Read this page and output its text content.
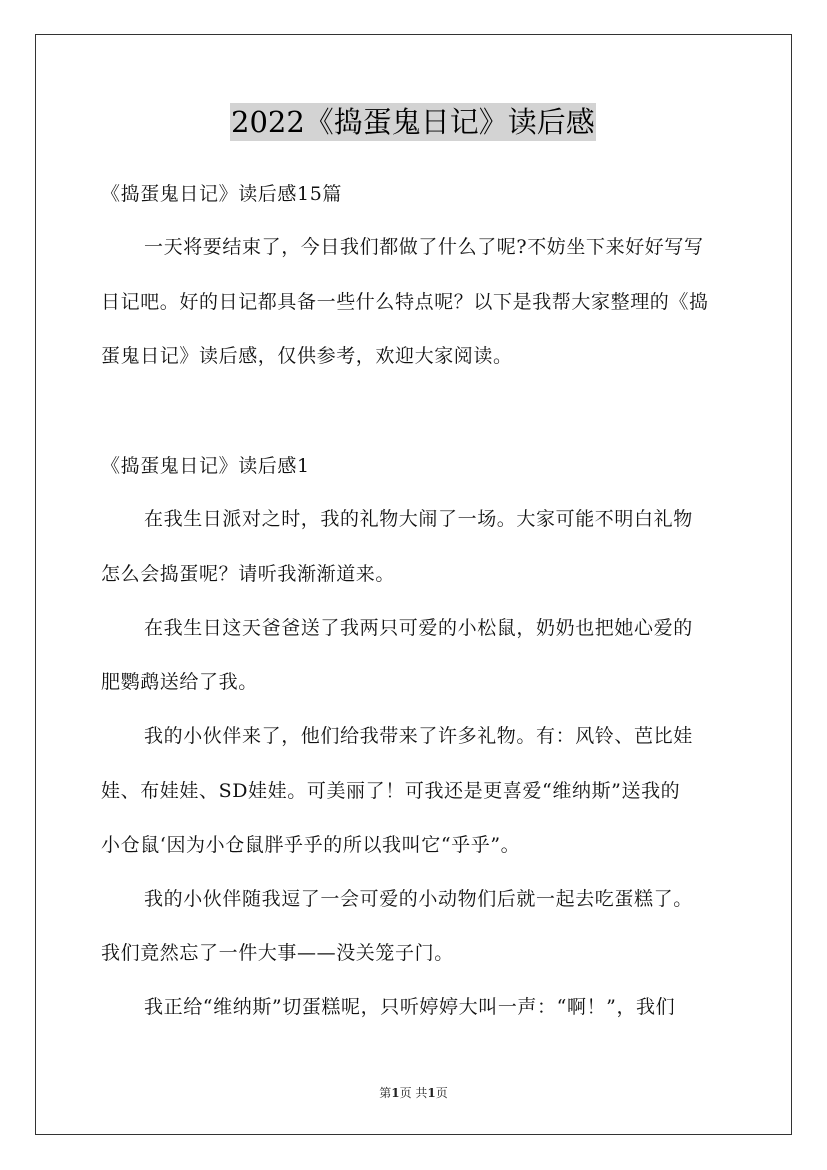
2022《捣蛋鬼日记》读后感
《捣蛋鬼日记》读后感15篇
一天将要结束了，今日我们都做了什么了呢?不妨坐下来好好写写
日记吧。好的日记都具备一些什么特点呢？以下是我帮大家整理的《捣
蛋鬼日记》读后感，仅供参考，欢迎大家阅读。
《捣蛋鬼日记》读后感1
在我生日派对之时，我的礼物大闹了一场。大家可能不明白礼物
怎么会捣蛋呢？请听我渐渐道来。
在我生日这天爸爸送了我两只可爱的小松鼠，奶奶也把她心爱的
肥鹦鹉送给了我。
我的小伙伴来了，他们给我带来了许多礼物。有：风铃、芭比娃
娃、布娃娃、SD娃娃。可美丽了！可我还是更喜爱“维纳斯”送我的
小仓鼠‘因为小仓鼠胖乎乎的所以我叫它“乎乎”。
我的小伙伴随我逗了一会可爱的小动物们后就一起去吃蛋糕了。
我们竟然忘了一件大事——没关笼子门。
我正给“维纳斯”切蛋糕呢，只听婷婷大叫一声：“啊！”，我们
第1页 共1页
